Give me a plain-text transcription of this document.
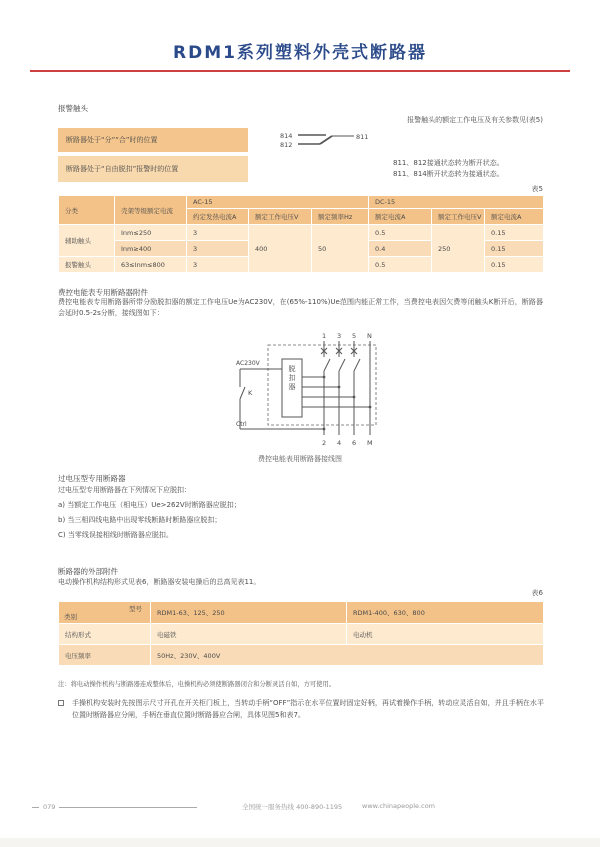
RDM1系列塑料外壳式断路器
报警触头
报警触头的额定工作电压及有关参数见(表5)
断路器处于“分”“合”时的位置	814
812
811
断路器处于“自由脱扣”报警时的位置
811、812接通状态转为断开状态。
811、814断开状态转为接通状态。
表5
分类	壳架等级额定电流	AC-15			DC-15		
		约定发热电流A	额定工作电压V	额定频率Hz	额定电流A	额定工作电压V	额定电流A
辅助触头	Inm≤250	3	400	50	0.5	250	0.15
	Inm≥400	3			0.4		0.15
报警触头	63≤Inm≤800	3			0.5		0.15
费控电能表专用断路器附件
费控电能表专用断路器所带分励脱扣器的额定工作电压Ue为AC230V，在(65%-110%)Ue范围内能正常工作，当费控电表因欠费等闭触头K断开后，断路器会延时0.5-2s分断，接线图如下：
1 3 5 N
2 4 6 M
AC230V
K
Ctrl
脱扣器
费控电能表用断路器接线图
过电压型专用断路器
过电压型专用断路器在下列情况下应脱扣：
a) 当额定工作电压（相电压）Ue>262V时断路器应脱扣；
b) 当三相四线电路中出现零线断路时断路器应脱扣；
C) 当零线误接相线时断路器应脱扣。
断路器的外部附件
电动操作机构结构形式见表6，断路器安装电操后的总高见表11。
表6
型号
类别	RDM1-63、125、250	RDM1-400、630、800
结构形式	电磁铁	电动机
电压频率	50Hz、230V、400V	
注：将电动操作机构与断路器连成整体后，电操机构必须使断路器闭合和分断灵活自如，方可使用。
手操机构安装时先按图示尺寸开孔在开关柜门板上，当转动手柄“OFF”指示在水平位置时固定好柄，再试着操作手柄，转动应灵活自如，并且手柄在水平位置时断路器应分闸，手柄在垂直位置时断路器应合闸，具体见图5和表7。
079	全国统一服务热线 400-890-1195	www.chinapeople.com
